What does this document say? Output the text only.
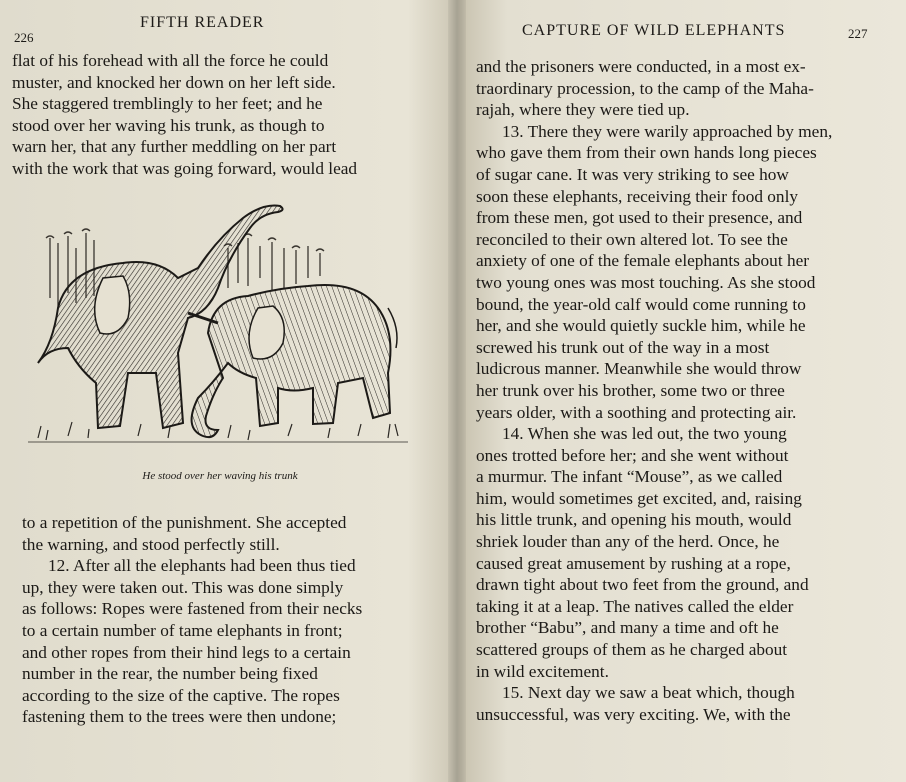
226
FIFTH READER
flat of his forehead with all the force he could
muster, and knocked her down on her left side.
She staggered tremblingly to her feet; and he
stood over her waving his trunk, as though to
warn her, that any further meddling on her part
with the work that was going forward, would lead
He stood over her waving his trunk
to a repetition of the punishment. She accepted
the warning, and stood perfectly still.
12. After all the elephants had been thus tied
up, they were taken out. This was done simply
as follows: Ropes were fastened from their necks
to a certain number of tame elephants in front;
and other ropes from their hind legs to a certain
number in the rear, the number being fixed
according to the size of the captive. The ropes
fastening them to the trees were then undone;
CAPTURE OF WILD ELEPHANTS	227
and the prisoners were conducted, in a most ex-
traordinary procession, to the camp of the Maha-
rajah, where they were tied up.
13. There they were warily approached by men,
who gave them from their own hands long pieces
of sugar cane. It was very striking to see how
soon these elephants, receiving their food only
from these men, got used to their presence, and
reconciled to their own altered lot. To see the
anxiety of one of the female elephants about her
two young ones was most touching. As she stood
bound, the year-old calf would come running to
her, and she would quietly suckle him, while he
screwed his trunk out of the way in a most
ludicrous manner. Meanwhile she would throw
her trunk over his brother, some two or three
years older, with a soothing and protecting air.
14. When she was led out, the two young
ones trotted before her; and she went without
a murmur. The infant “Mouse”, as we called
him, would sometimes get excited, and, raising
his little trunk, and opening his mouth, would
shriek louder than any of the herd. Once, he
caused great amusement by rushing at a rope,
drawn tight about two feet from the ground, and
taking it at a leap. The natives called the elder
brother “Babu”, and many a time and oft he
scattered groups of them as he charged about
in wild excitement.
15. Next day we saw a beat which, though
unsuccessful, was very exciting. We, with the
